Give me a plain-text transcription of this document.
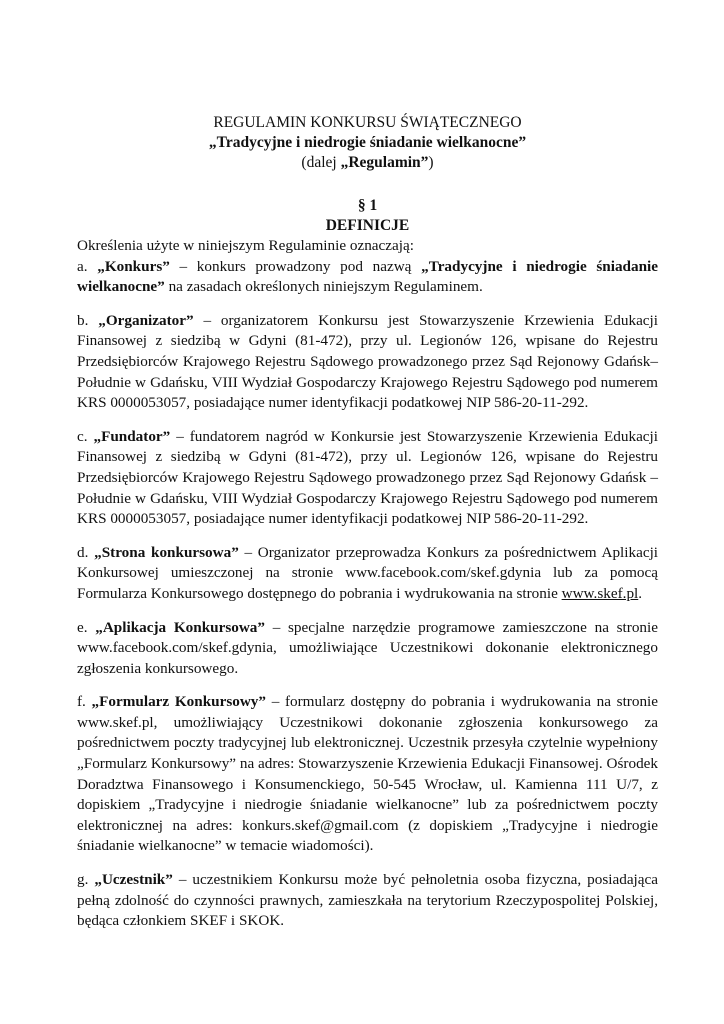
REGULAMIN KONKURSU ŚWIĄTECZNEGO
„Tradycyjne i niedrogie śniadanie wielkanocne”
(dalej „Regulamin”)
§ 1
DEFINICJE

Określenia użyte w niniejszym Regulaminie oznaczają:

a. „Konkurs” – konkurs prowadzony pod nazwą „Tradycyjne i niedrogie śniadanie wielkanocne” na zasadach określonych niniejszym Regulaminem.

b. „Organizator” – organizatorem Konkursu jest Stowarzyszenie Krzewienia Edukacji Finansowej z siedzibą w Gdyni (81-472), przy ul. Legionów 126, wpisane do Rejestru Przedsiębiorców Krajowego Rejestru Sądowego prowadzonego przez Sąd Rejonowy Gdańsk–Południe w Gdańsku, VIII Wydział Gospodarczy Krajowego Rejestru Sądowego pod numerem KRS 0000053057, posiadające numer identyfikacji podatkowej NIP 586-20-11-292.

c. „Fundator” – fundatorem nagród w Konkursie jest Stowarzyszenie Krzewienia Edukacji Finansowej z siedzibą w Gdyni (81-472), przy ul. Legionów 126, wpisane do Rejestru Przedsiębiorców Krajowego Rejestru Sądowego prowadzonego przez Sąd Rejonowy Gdańsk – Południe w Gdańsku, VIII Wydział Gospodarczy Krajowego Rejestru Sądowego pod numerem KRS 0000053057, posiadające numer identyfikacji podatkowej NIP 586-20-11-292.

d. „Strona konkursowa” – Organizator przeprowadza Konkurs za pośrednictwem Aplikacji Konkursowej umieszczonej na stronie www.facebook.com/skef.gdynia lub za pomocą Formularza Konkursowego dostępnego do pobrania i wydrukowania na stronie www.skef.pl.

e. „Aplikacja Konkursowa” – specjalne narzędzie programowe zamieszczone na stronie www.facebook.com/skef.gdynia, umożliwiające Uczestnikowi dokonanie elektronicznego zgłoszenia konkursowego.

f. „Formularz Konkursowy” – formularz dostępny do pobrania i wydrukowania na stronie www.skef.pl, umożliwiający Uczestnikowi dokonanie zgłoszenia konkursowego za pośrednictwem poczty tradycyjnej lub elektronicznej. Uczestnik przesyła czytelnie wypełniony „Formularz Konkursowy” na adres: Stowarzyszenie Krzewienia Edukacji Finansowej. Ośrodek Doradztwa Finansowego i Konsumenckiego, 50-545 Wrocław, ul. Kamienna 111 U/7, z dopiskiem „Tradycyjne i niedrogie śniadanie wielkanocne” lub za pośrednictwem poczty elektronicznej na adres: konkurs.skef@gmail.com (z dopiskiem „Tradycyjne i niedrogie śniadanie wielkanocne” w temacie wiadomości).

g. „Uczestnik” – uczestnikiem Konkursu może być pełnoletnia osoba fizyczna, posiadająca pełną zdolność do czynności prawnych, zamieszkała na terytorium Rzeczypospolitej Polskiej, będąca członkiem SKEF i SKOK.
